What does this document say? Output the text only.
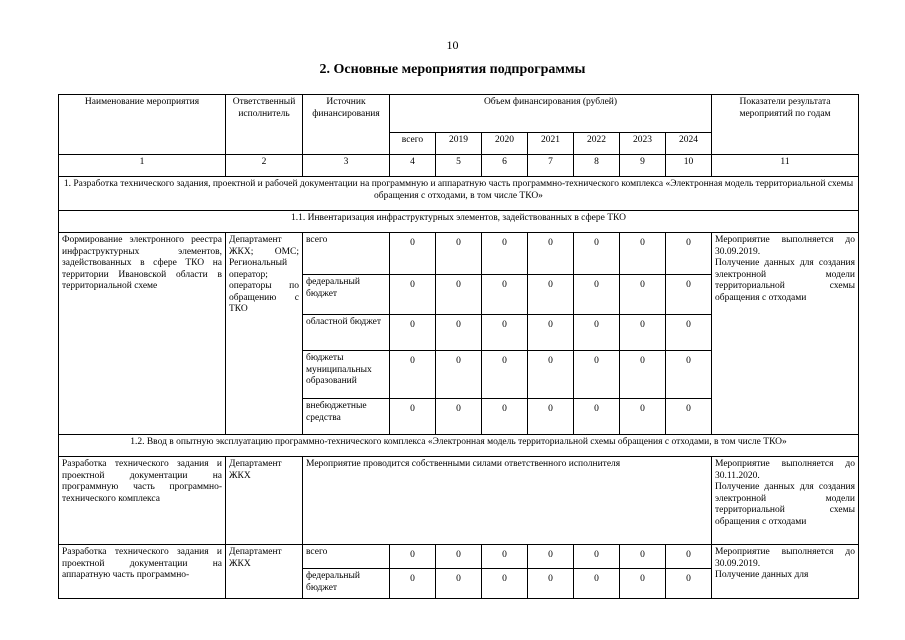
10
2. Основные мероприятия подпрограммы
Наименование мероприятия	Ответственный исполнитель	Источник финансирования	Объем финансирования (рублей)							Показатели результата мероприятий по годам
			всего	2019	2020	2021	2022	2023	2024	
1	2	3	4	5	6	7	8	9	10	11
1. Разработка технического задания, проектной и рабочей документации на программную и аппаратную часть программно-технического комплекса «Электронная модель территориальной схемы обращения с отходами, в том числе ТКО»										
1.1. Инвентаризация инфраструктурных элементов, задействованных в сфере ТКО										
Формирование электронного реестра инфраструктурных элементов, задействованных в сфере ТКО на территории Ивановской области в территориальной схеме	Департамент ЖКХ; ОМС; Региональный оператор; операторы по обращению с ТКО	всего	0	0	0	0	0	0	0	Мероприятие выполняется до 30.09.2019.
Получение данных для создания электронной модели территориальной схемы обращения с отходами

		федеральный бюджет	0	0	0	0	0	0	0	
		областной бюджет	0	0	0	0	0	0	0	
		бюджеты муниципальных образований	0	0	0	0	0	0	0	
		внебюджетные средства	0	0	0	0	0	0	0	
1.2. Ввод в опытную эксплуатацию программно-технического комплекса «Электронная модель территориальной схемы обращения с отходами, в том числе ТКО»										
Разработка технического задания и проектной документации на программную часть программно-технического комплекса	Департамент ЖКХ	Мероприятие проводится собственными силами ответственного исполнителя								Мероприятие выполняется до 30.11.2020.
Получение данных для создания электронной модели территориальной схемы обращения с отходами

Разработка технического задания и проектной документации на аппаратную часть программно-	Департамент ЖКХ	всего	0	0	0	0	0	0	0	Мероприятие выполняется до 30.09.2019.
Получение данных для

		федеральный бюджет	0	0	0	0	0	0	0	
